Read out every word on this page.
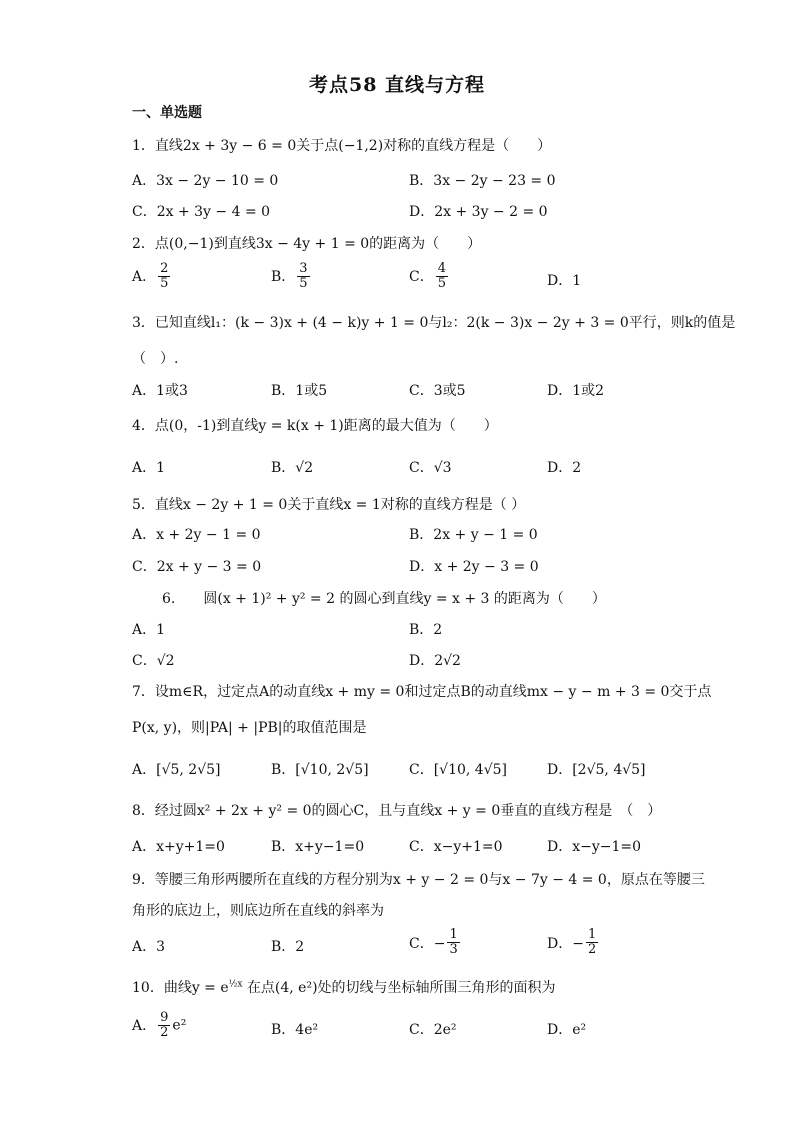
考点58 直线与方程
一、单选题
1．直线2x + 3y − 6 = 0关于点(−1,2)对称的直线方程是（　　）
A．3x − 2y − 10 = 0	B．3x − 2y − 23 = 0
C．2x + 3y − 4 = 0	D．2x + 3y − 2 = 0
2．点(0,−1)到直线3x − 4y + 1 = 0的距离为（　　）
A． $\frac{2}{5}$	B． $\frac{3}{5}$	C． $\frac{4}{5}$	D．1
3．已知直线l₁：(k − 3)x + (4 − k)y + 1 = 0与l₂：2(k − 3)x − 2y + 3 = 0平行，则k的值是
（　）.
A．1或3	B．1或5	C．3或5	D．1或2
4．点(0，-1)到直线y = k(x + 1)距离的最大值为（　　）
A．1	B．√2	C．√3	D．2
5．直线x − 2y + 1 = 0关于直线x = 1对称的直线方程是（ ）
A．x + 2y − 1 = 0	B．2x + y − 1 = 0
C．2x + y − 3 = 0	D．x + 2y − 3 = 0
6.　　圆(x + 1)² + y² = 2 的圆心到直线y = x + 3 的距离为（　　）
A．1	B．2
C．√2	D．2√2
7．设m∈R，过定点A的动直线x + my = 0和过定点B的动直线mx − y − m + 3 = 0交于点
P(x, y)，则|PA| + |PB|的取值范围是
A．[√5, 2√5]	B．[√10, 2√5]	C．[√10, 4√5]	D．[2√5, 4√5]
8．经过圆x² + 2x + y² = 0的圆心C，且与直线x + y = 0垂直的直线方程是　（　）
A．x+y+1=0	B．x+y−1=0	C．x−y+1=0	D．x−y−1=0
9．等腰三角形两腰所在直线的方程分别为x + y − 2 = 0与x − 7y − 4 = 0，原点在等腰三
角形的底边上，则底边所在直线的斜率为
A．3	B．2	C．− $\frac{1}{3}$	D．− $\frac{1}{2}$
10．曲线$y = e^{\frac{1}{2}x}$ 在点(4, e²)处的切线与坐标轴所围三角形的面积为
A． $\frac{9}{2} e^2$	B．4e²	C．2e²	D．e²
